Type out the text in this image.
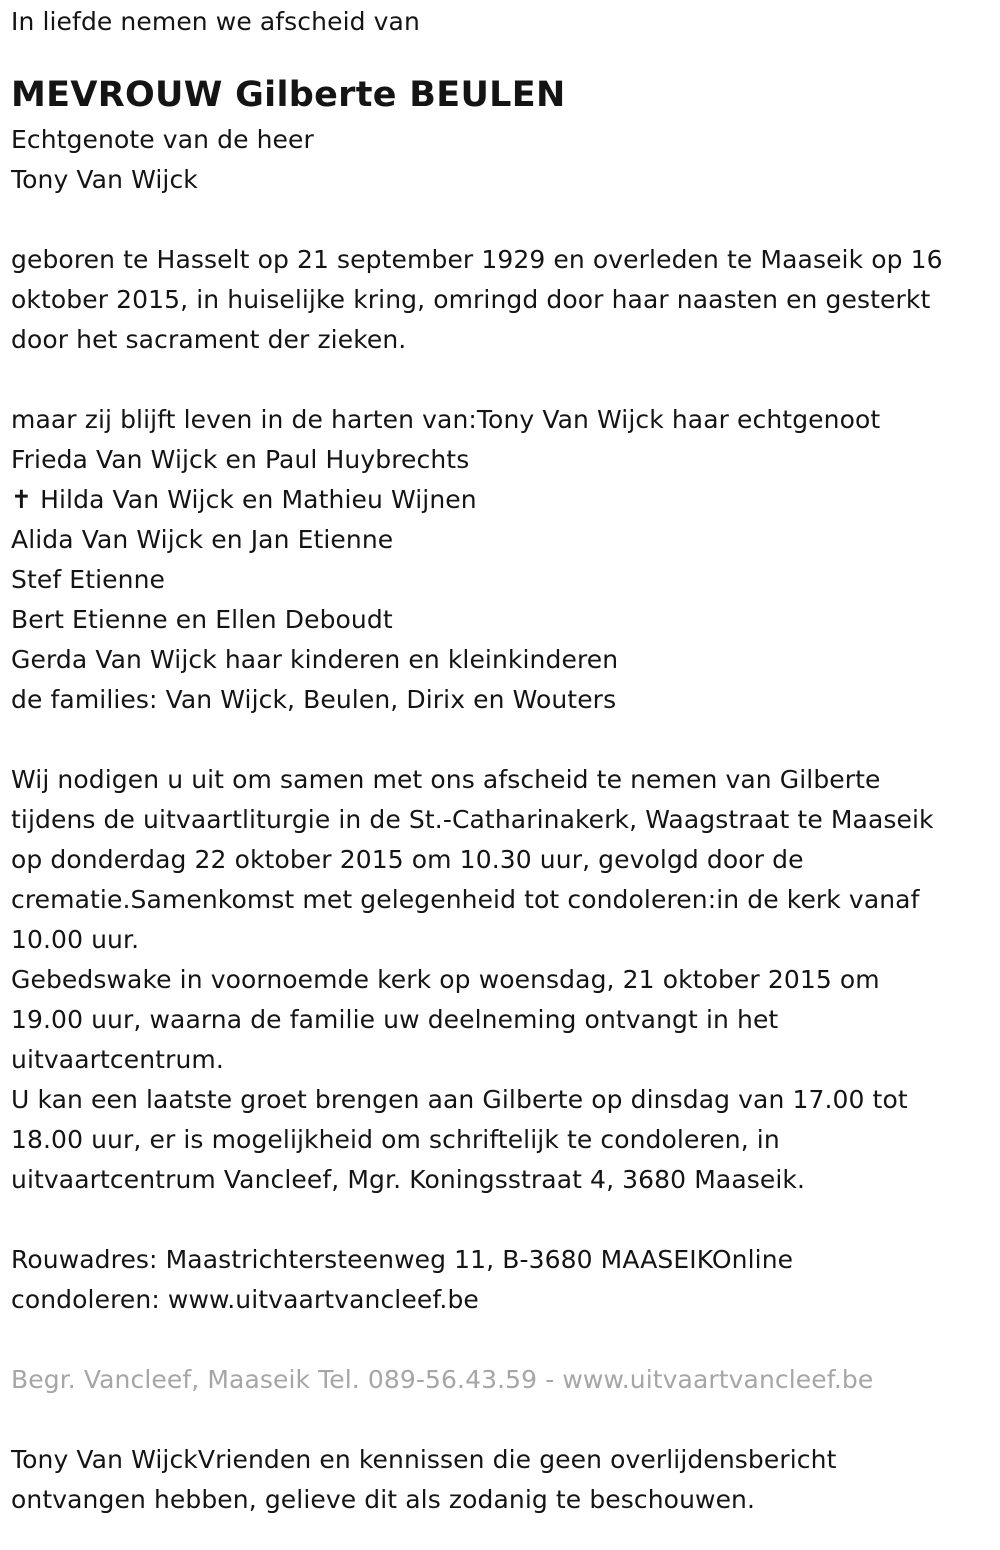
In liefde nemen we afscheid van
MEVROUW Gilberte BEULEN
Echtgenote van de heer
Tony Van Wijck
geboren te Hasselt op 21 september 1929 en overleden te Maaseik op 16
oktober 2015, in huiselijke kring, omringd door haar naasten en gesterkt
door het sacrament der zieken.
maar zij blijft leven in de harten van:Tony Van Wijck haar echtgenoot
Frieda Van Wijck en Paul Huybrechts
✝ Hilda Van Wijck en Mathieu Wijnen
Alida Van Wijck en Jan Etienne
Stef Etienne
Bert Etienne en Ellen Deboudt
Gerda Van Wijck haar kinderen en kleinkinderen
de families: Van Wijck, Beulen, Dirix en Wouters
Wij nodigen u uit om samen met ons afscheid te nemen van Gilberte
tijdens de uitvaartliturgie in de St.-Catharinakerk, Waagstraat te Maaseik
op donderdag 22 oktober 2015 om 10.30 uur, gevolgd door de
crematie.Samenkomst met gelegenheid tot condoleren:in de kerk vanaf
10.00 uur.
Gebedswake in voornoemde kerk op woensdag, 21 oktober 2015 om
19.00 uur, waarna de familie uw deelneming ontvangt in het
uitvaartcentrum.
U kan een laatste groet brengen aan Gilberte op dinsdag van 17.00 tot
18.00 uur, er is mogelijkheid om schriftelijk te condoleren, in
uitvaartcentrum Vancleef, Mgr. Koningsstraat 4, 3680 Maaseik.
Rouwadres: Maastrichtersteenweg 11, B-3680 MAASEIKOnline
condoleren: www.uitvaartvancleef.be
Begr. Vancleef, Maaseik Tel. 089-56.43.59 - www.uitvaartvancleef.be
Tony Van WijckVrienden en kennissen die geen overlijdensbericht
ontvangen hebben, gelieve dit als zodanig te beschouwen.
